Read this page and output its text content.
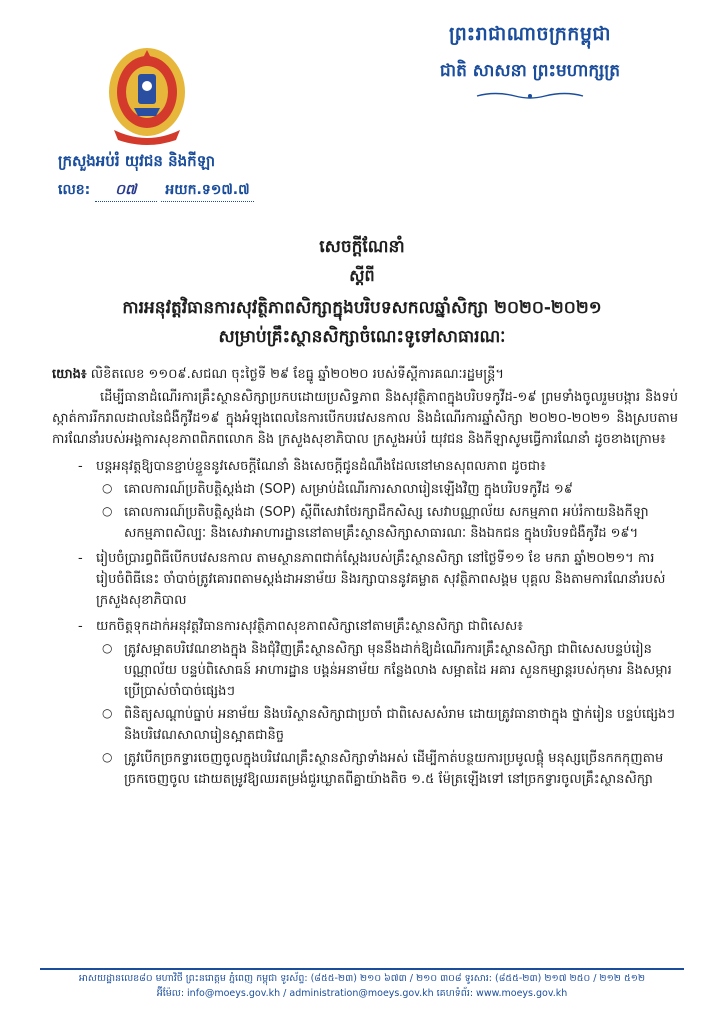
ព្រះរាជាណាចក្រកម្ពុជា
ជាតិ សាសនា ព្រះមហាក្សត្រ
ក្រសួងអប់រំ យុវជន និងកីឡា
លេខ: ០៧ អយក.ទ១៧.៧
សេចក្តីណែនាំ
ស្តីពី
ការអនុវត្តវិធានការសុវត្ថិភាពសិក្សាក្នុងបរិបទសកលឆ្នាំសិក្សា ២០២០-២០២១
សម្រាប់គ្រឹះស្ថានសិក្សាចំណេះទូទៅសាធារណៈ

យោង៖ លិខិតលេខ ១១០៩.សជណ ចុះថ្ងៃទី ២៩ ខែធ្នូ ឆ្នាំ២០២០ របស់ទីស្តីការគណៈរដ្ឋមន្ត្រី។

ដើម្បីធានាដំណើរការគ្រឹះស្ថានសិក្សាប្រកបដោយប្រសិទ្ធភាព និងសុវត្ថិភាពក្នុងបរិបទកូវីដ-១៩ ព្រមទាំងចូលរួមបង្ការ និងទប់ស្កាត់ការរីករាលដាលនៃជំងឺកូវីដ១៩ ក្នុងអំឡុងពេលនៃការបើកបរវេសនកាល និងដំណើរការឆ្នាំសិក្សា ២០២០-២០២១ និងស្របតាមការណែនាំរបស់អង្គការសុខភាពពិភពលោក និង ក្រសួងសុខាភិបាល ក្រសួងអប់រំ យុវជន និងកីឡាសូមធ្វើការណែនាំ ដូចខាងក្រោម៖

- បន្តអនុវត្តឱ្យបានខ្ជាប់ខ្ជួននូវសេចក្តីណែនាំ និងសេចក្តីជូនដំណឹងដែលនៅមានសុពលភាព ដូចជា៖
○ គោលការណ៍ប្រតិបត្តិស្តង់ដា (SOP) សម្រាប់ដំណើរការសាលារៀនឡើងវិញ ក្នុងបរិបទកូវីដ ១៩
○ គោលការណ៍ប្រតិបត្តិស្តង់ដា (SOP) ស្តីពីសេវាថែរក្សាដឹកសិស្ស សេវាបណ្ណាល័យ សកម្មភាព អប់រំកាយនិងកីឡា សកម្មភាពសិល្បៈ និងសេវាអាហារដ្ឋាននៅតាមគ្រឹះស្ថានសិក្សាសាធារណៈ និងឯកជន ក្នុងបរិបទជំងឺកូវីដ ១៩។
- រៀបចំប្រារព្ធពិធីបើកបវេសនកាល តាមស្ថានភាពជាក់ស្តែងរបស់គ្រឹះស្ថានសិក្សា នៅថ្ងៃទី១១ ខែ មករា ឆ្នាំ២០២១។ ការរៀបចំពិធីនេះ ចាំបាច់ត្រូវគោរពតាមស្តង់ដាអនាម័យ និងរក្សាបាននូវគម្លាត សុវត្ថិភាពសង្គម បុគ្គល និងតាមការណែនាំរបស់ក្រសួងសុខាភិបាល
- យកចិត្តទុកដាក់អនុវត្តវិធានការសុវត្ថិភាពសុខភាពសិក្សានៅតាមគ្រឹះស្ថានសិក្សា ជាពិសេស៖
○ ត្រូវសម្អាតបរិវេណខាងក្នុង និងជុំវិញគ្រឹះស្ថានសិក្សា មុននឹងដាក់ឱ្យដំណើរការគ្រឹះស្ថានសិក្សា ជាពិសេសបន្ទប់រៀន បណ្ណាល័យ បន្ទប់ពិសោធន៍ អាហារដ្ឋាន បង្គន់អនាម័យ កន្លែងលាង សម្អាតដៃ អគារ សួនកម្សាន្តរបស់កុមារ និងសម្ភារប្រើប្រាស់ចាំបាច់ផ្សេងៗ
○ ពិនិត្យសណ្តាប់ធ្នាប់ អនាម័យ និងបរិស្ថានសិក្សាជាប្រចាំ ជាពិសេសសំរាម ដោយត្រូវធានាថាក្នុង ថ្នាក់រៀន បន្ទប់ផ្សេងៗ និងបរិវេណសាលារៀនស្អាតជានិច្ច
○ ត្រូវបើកច្រកទ្វារចេញចូលក្នុងបរិវេណគ្រឹះស្ថានសិក្សាទាំងអស់ ដើម្បីកាត់បន្ថយការប្រមូលផ្តុំ មនុស្សច្រើនកកកុញតាមច្រកចេញចូល ដោយតម្រូវឱ្យឈរតម្រង់ជួរឃ្លាតពីគ្នាយ៉ាងតិច ១.៥ ម៉ែត្រឡើងទៅ នៅច្រកទ្វារចូលគ្រឹះស្ថានសិក្សា
អាសយដ្ឋានលេខ៨០ មហាវិថី ព្រះនរោត្តម ភ្នំពេញ កម្ពុជា ទូរស័ព្ទ: (៨៥៥-២៣) ២១០ ៦៧៣ / ២១០ ៣០៨ ទូរសារ: (៨៥៥-២៣) ២១៧ ២៥០ / ២១២ ៥១២
អ៊ីម៉ែល: info@moeys.gov.kh / administration@moeys.gov.kh គេហទំព័រ: www.moeys.gov.kh
